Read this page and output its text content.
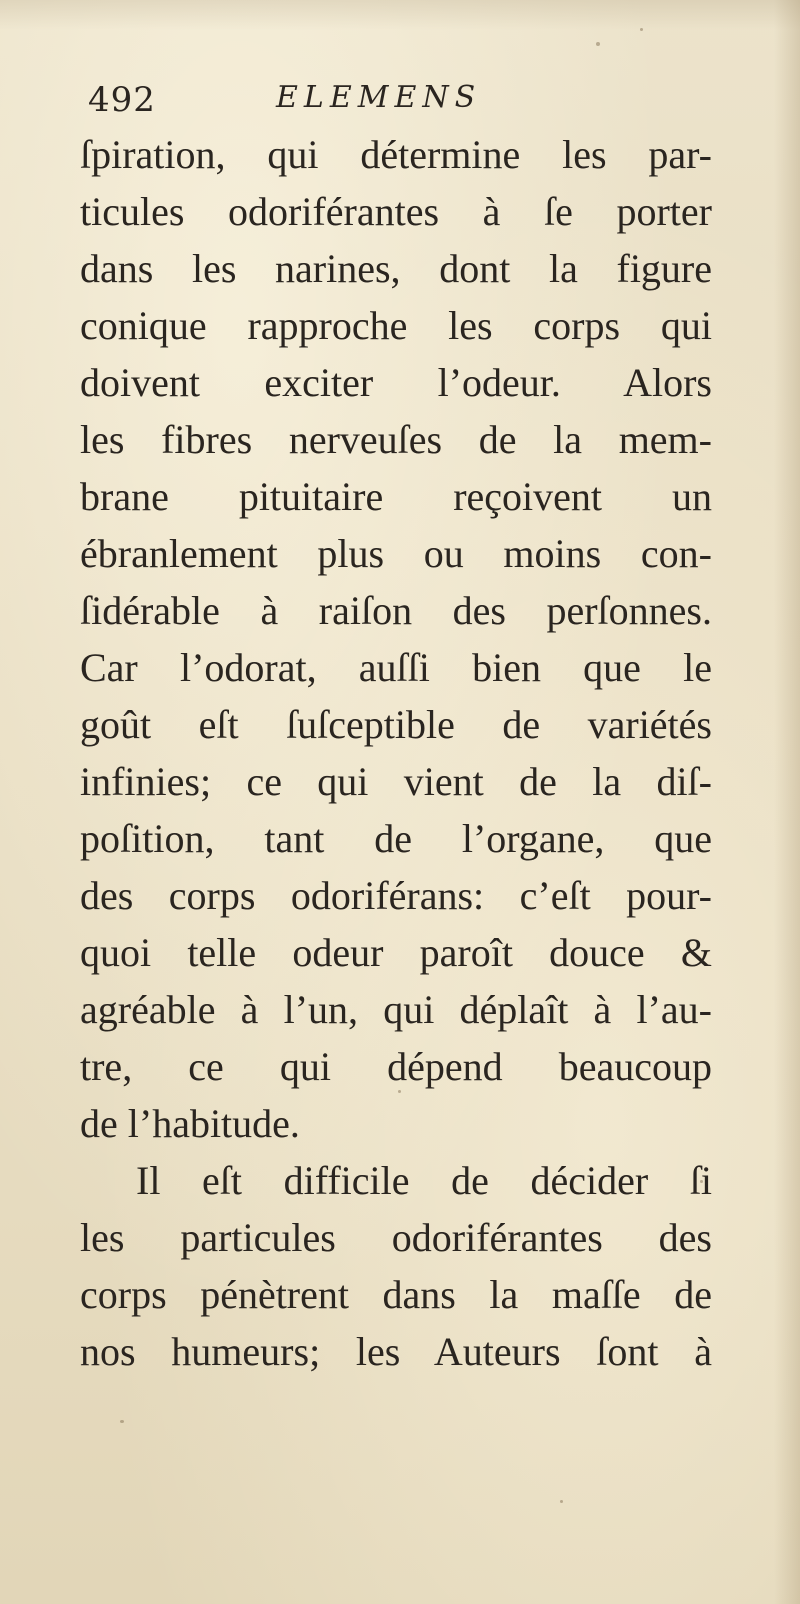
492	ELEMENS
ſpiration, qui détermine les par-
ticules odoriférantes à ſe porter
dans les narines, dont la figure
conique rapproche les corps qui
doivent exciter l’odeur. Alors
les fibres nerveuſes de la mem-
brane pituitaire reçoivent un
ébranlement plus ou moins con-
ſidérable à raiſon des perſonnes.
Car l’odorat, auſſi bien que le
goût eſt ſuſceptible de variétés
infinies; ce qui vient de la diſ-
poſition, tant de l’organe, que
des corps odoriférans: c’eſt pour-
quoi telle odeur paroît douce &
agréable à l’un, qui déplaît à l’au-
tre, ce qui dépend beaucoup
de l’habitude.
Il eſt difficile de décider ſi
les particules odoriférantes des
corps pénètrent dans la maſſe de
nos humeurs; les Auteurs ſont à
